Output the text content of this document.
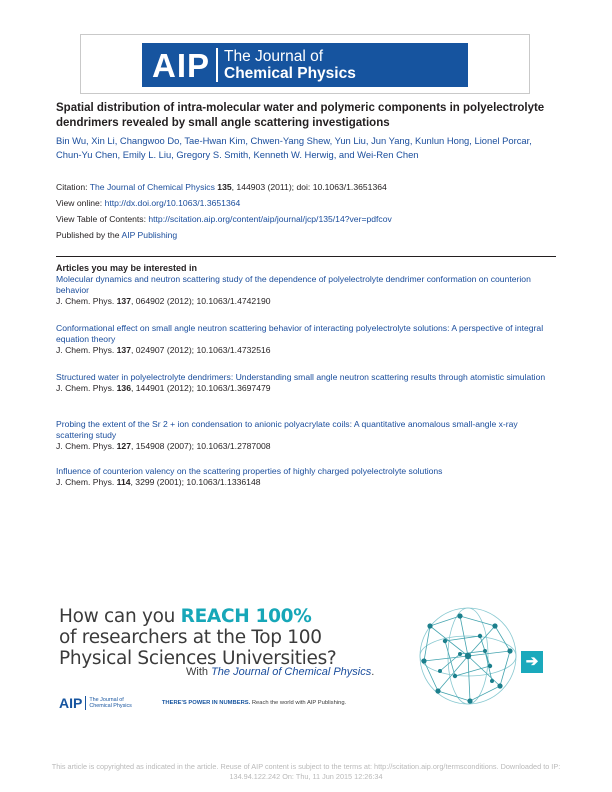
AIP The Journal of
Chemical Physics
Spatial distribution of intra-molecular water and polymeric components in polyelectrolyte dendrimers revealed by small angle scattering investigations
Bin Wu, Xin Li, Changwoo Do, Tae-Hwan Kim, Chwen-Yang Shew, Yun Liu, Jun Yang, Kunlun Hong, Lionel Porcar, Chun-Yu Chen, Emily L. Liu, Gregory S. Smith, Kenneth W. Herwig, and Wei-Ren Chen
Citation: The Journal of Chemical Physics 135, 144903 (2011); doi: 10.1063/1.3651364
View online: http://dx.doi.org/10.1063/1.3651364
View Table of Contents: http://scitation.aip.org/content/aip/journal/jcp/135/14?ver=pdfcov
Published by the AIP Publishing
Articles you may be interested in
Molecular dynamics and neutron scattering study of the dependence of polyelectrolyte dendrimer conformation on counterion behavior
J. Chem. Phys. 137, 064902 (2012); 10.1063/1.4742190
Conformational effect on small angle neutron scattering behavior of interacting polyelectrolyte solutions: A perspective of integral equation theory
J. Chem. Phys. 137, 024907 (2012); 10.1063/1.4732516
Structured water in polyelectrolyte dendrimers: Understanding small angle neutron scattering results through atomistic simulation
J. Chem. Phys. 136, 144901 (2012); 10.1063/1.3697479
Probing the extent of the Sr 2 + ion condensation to anionic polyacrylate coils: A quantitative anomalous small-angle x-ray scattering study
J. Chem. Phys. 127, 154908 (2007); 10.1063/1.2787008
Influence of counterion valency on the scattering properties of highly charged polyelectrolyte solutions
J. Chem. Phys. 114, 3299 (2001); 10.1063/1.1336148
How can you REACH 100%
of researchers at the Top 100
Physical Sciences Universities?
With The Journal of Chemical Physics.
AIP The Journal of
Chemical Physics	THERE'S POWER IN NUMBERS. Reach the world with AIP Publishing.
➔
This article is copyrighted as indicated in the article. Reuse of AIP content is subject to the terms at: http://scitation.aip.org/termsconditions. Downloaded to IP:
134.94.122.242 On: Thu, 11 Jun 2015 12:26:34
